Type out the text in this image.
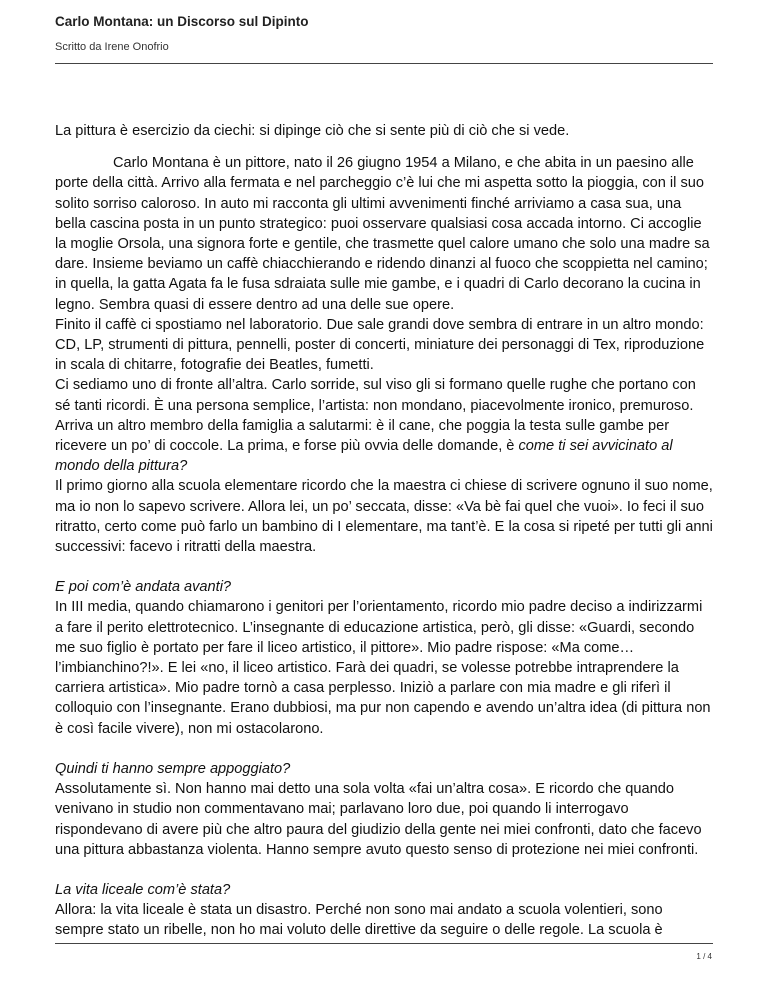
Carlo Montana: un Discorso sul Dipinto
Scritto da Irene Onofrio

La pittura è esercizio da ciechi: si dipinge ciò che si sente più di ciò che si vede.

Carlo Montana è un pittore, nato il 26 giugno 1954 a Milano, e che abita in un paesino alle porte della città. Arrivo alla fermata e nel parcheggio c’è lui che mi aspetta sotto la pioggia, con il suo solito sorriso caloroso. In auto mi racconta gli ultimi avvenimenti finché arriviamo a casa sua, una bella cascina posta in un punto strategico: puoi osservare qualsiasi cosa accada intorno. Ci accoglie la moglie Orsola, una signora forte e gentile, che trasmette quel calore umano che solo una madre sa dare. Insieme beviamo un caffè chiacchierando e ridendo dinanzi al fuoco che scoppietta nel camino; in quella, la gatta Agata fa le fusa sdraiata sulle mie gambe, e i quadri di Carlo decorano la cucina in legno. Sembra quasi di essere dentro ad una delle sue opere.

Finito il caffè ci spostiamo nel laboratorio. Due sale grandi dove sembra di entrare in un altro mondo: CD, LP, strumenti di pittura, pennelli, poster di concerti, miniature dei personaggi di Tex, riproduzione in scala di chitarre, fotografie dei Beatles, fumetti.

Ci sediamo uno di fronte all’altra. Carlo sorride, sul viso gli si formano quelle rughe che portano con sé tanti ricordi. È una persona semplice, l’artista: non mondano, piacevolmente ironico, premuroso.

Arriva un altro membro della famiglia a salutarmi: è il cane, che poggia la testa sulle gambe per ricevere un po’ di coccole. La prima, e forse più ovvia delle domande, è come ti sei avvicinato al mondo della pittura?

Il primo giorno alla scuola elementare ricordo che la maestra ci chiese di scrivere ognuno il suo nome, ma io non lo sapevo scrivere. Allora lei, un po’ seccata, disse: «Va bè fai quel che vuoi». Io feci il suo ritratto, certo come può farlo un bambino di I elementare, ma tant’è. E la cosa si ripeté per tutti gli anni successivi: facevo i ritratti della maestra.

E poi com’è andata avanti?

In III media, quando chiamarono i genitori per l’orientamento, ricordo mio padre deciso a indirizzarmi a fare il perito elettrotecnico. L’insegnante di educazione artistica, però, gli disse: «Guardi, secondo me suo figlio è portato per fare il liceo artistico, il pittore». Mio padre rispose: «Ma come… l’imbianchino?!». E lei «no, il liceo artistico. Farà dei quadri, se volesse potrebbe intraprendere la carriera artistica». Mio padre tornò a casa perplesso. Iniziò a parlare con mia madre e gli riferì il colloquio con l’insegnante. Erano dubbiosi, ma pur non capendo e avendo un’altra idea (di pittura non è così facile vivere), non mi ostacolarono.

Quindi ti hanno sempre appoggiato?

Assolutamente sì. Non hanno mai detto una sola volta «fai un’altra cosa». E ricordo che quando venivano in studio non commentavano mai; parlavano loro due, poi quando li interrogavo rispondevano di avere più che altro paura del giudizio della gente nei miei confronti, dato che facevo una pittura abbastanza violenta. Hanno sempre avuto questo senso di protezione nei miei confronti.

La vita liceale com’è stata?

Allora: la vita liceale è stata un disastro. Perché non sono mai andato a scuola volentieri, sono sempre stato un ribelle, non ho mai voluto delle direttive da seguire o delle regole. La scuola è

1 / 4
